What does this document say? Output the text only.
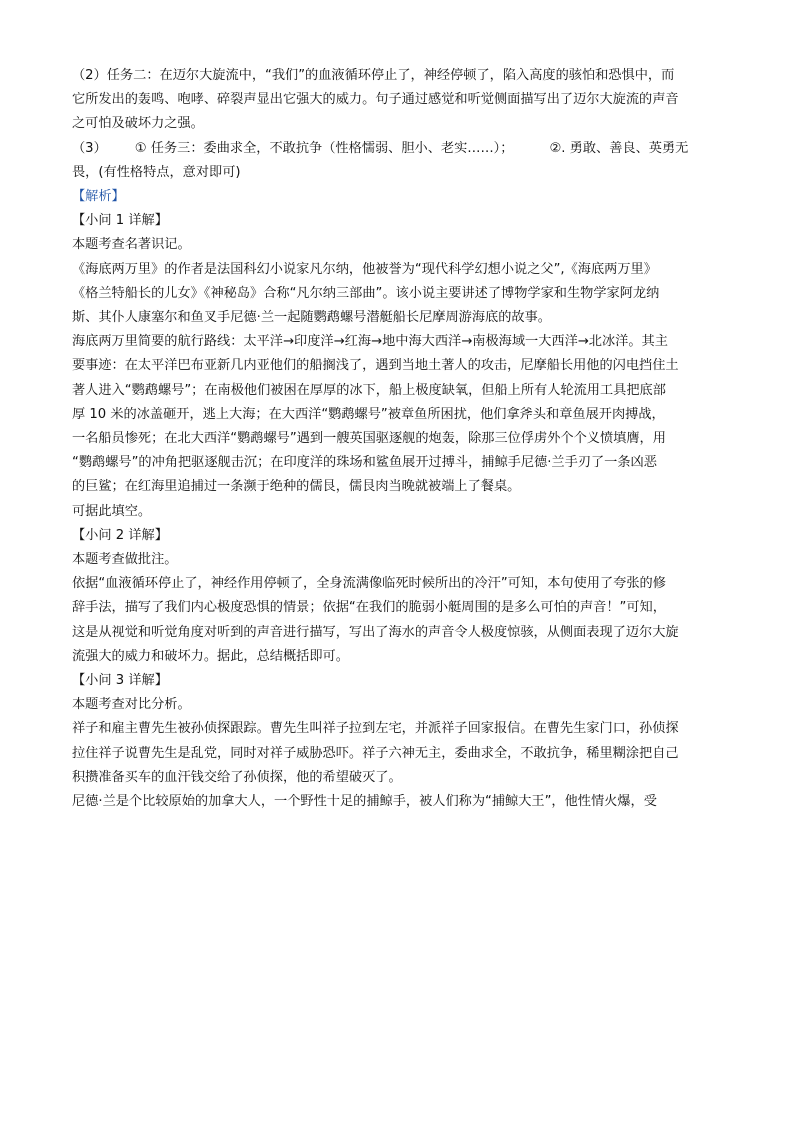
（2）任务二：在迈尔大旋流中，“我们”的血液循环停止了，神经停顿了，陷入高度的骇怕和恐惧中，而

它所发出的轰鸣、咆哮、碎裂声显出它强大的威力。句子通过感觉和听觉侧面描写出了迈尔大旋流的声音

之可怕及破坏力之强。

（3） ① 任务三：委曲求全，不敢抗争（性格懦弱、胆小、老实……）；	②. 勇敢、善良、英勇无

畏，(有性格特点，意对即可)

【解析】

【小问 1 详解】

本题考查名著识记。

《海底两万里》的作者是法国科幻小说家凡尔纳，他被誉为“现代科学幻想小说之父”,《海底两万里》

《格兰特船长的儿女》《神秘岛》合称“凡尔纳三部曲”。该小说主要讲述了博物学家和生物学家阿龙纳

斯、其仆人康塞尔和鱼叉手尼德·兰一起随鹦鹉螺号潜艇船长尼摩周游海底的故事。

海底两万里简要的航行路线：太平洋→印度洋→红海→地中海大西洋→南极海域一大西洋→北冰洋。其主

要事迹：在太平洋巴布亚新几内亚他们的船搁浅了，遇到当地土著人的攻击，尼摩船长用他的闪电挡住土

著人进入“鹦鹉螺号”；在南极他们被困在厚厚的冰下，船上极度缺氧，但船上所有人轮流用工具把底部

厚 10 米的冰盖砸开，逃上大海；在大西洋“鹦鹉螺号”被章鱼所困扰，他们拿斧头和章鱼展开肉搏战，

一名船员惨死；在北大西洋“鹦鹉螺号”遇到一艘英国驱逐舰的炮轰，除那三位俘虏外个个义愤填膺，用

“鹦鹉螺号”的冲角把驱逐舰击沉；在印度洋的珠场和鲨鱼展开过搏斗，捕鲸手尼德·兰手刃了一条凶恶

的巨鲨；在红海里追捕过一条濒于绝种的儒艮，儒艮肉当晚就被端上了餐桌。

可据此填空。

【小问 2 详解】

本题考查做批注。

依据“血液循环停止了，神经作用停顿了，全身流满像临死时候所出的冷汗”可知，本句使用了夸张的修

辞手法，描写了我们内心极度恐惧的情景；依据“在我们的脆弱小艇周围的是多么可怕的声音！”可知，

这是从视觉和听觉角度对听到的声音进行描写，写出了海水的声音令人极度惊骇，从侧面表现了迈尔大旋

流强大的威力和破坏力。据此，总结概括即可。

【小问 3 详解】

本题考查对比分析。

祥子和雇主曹先生被孙侦探跟踪。曹先生叫祥子拉到左宅，并派祥子回家报信。在曹先生家门口，孙侦探

拉住祥子说曹先生是乱党，同时对祥子威胁恐吓。祥子六神无主，委曲求全，不敢抗争，稀里糊涂把自己

积攒准备买车的血汗钱交给了孙侦探，他的希望破灭了。

尼德·兰是个比较原始的加拿大人，一个野性十足的捕鲸手，被人们称为“捕鲸大王”，他性情火爆，受
